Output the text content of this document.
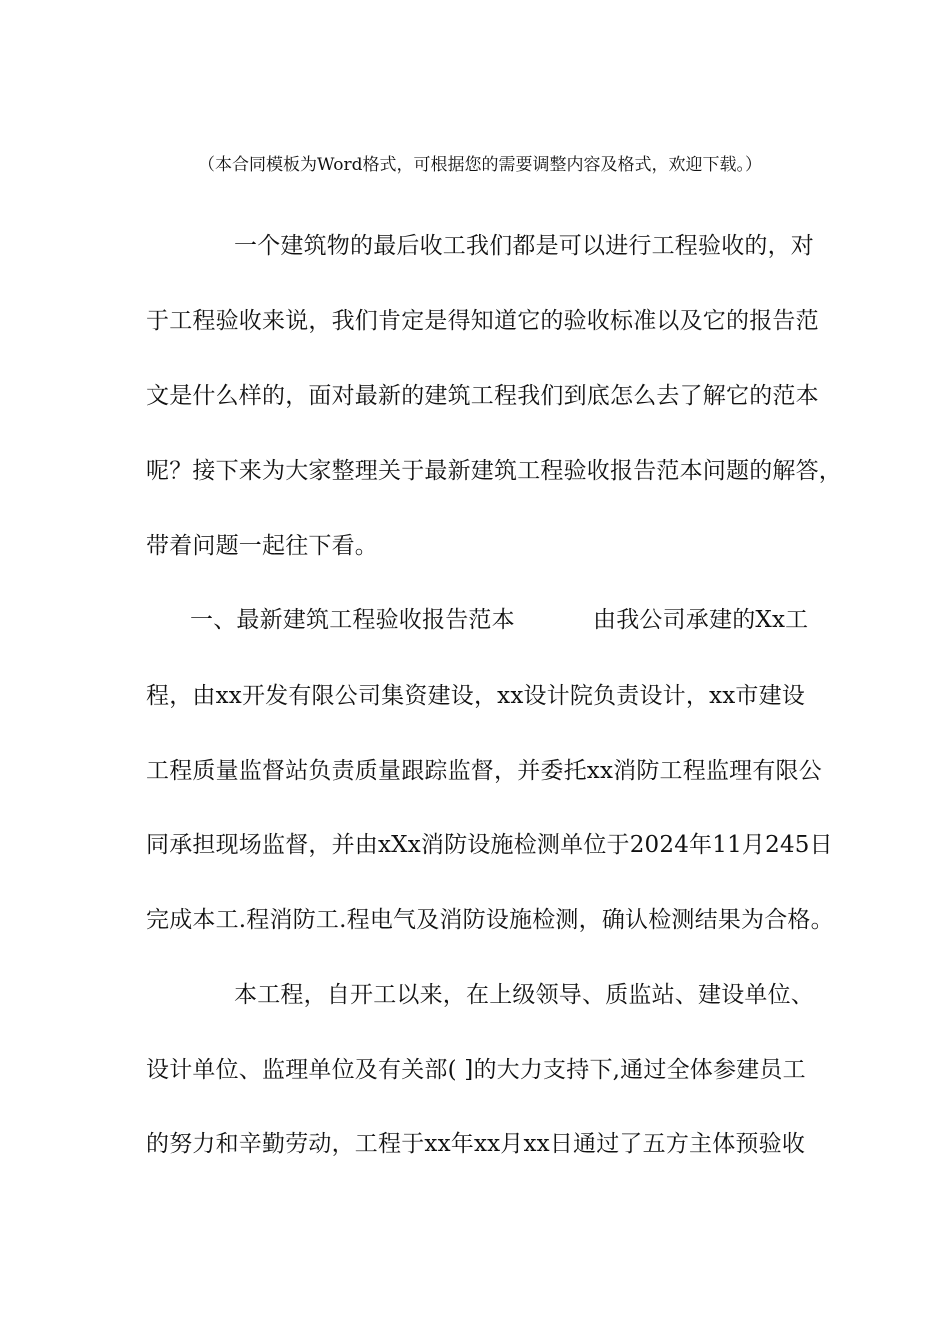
（本合同模板为Word格式，可根据您的需要调整内容及格式，欢迎下载。）
一个建筑物的最后收工我们都是可以进行工程验收的，对
于工程验收来说，我们肯定是得知道它的验收标准以及它的报告范
文是什么样的，面对最新的建筑工程我们到底怎么去了解它的范本
呢？接下来为大家整理关于最新建筑工程验收报告范本问题的解答，
带着问题一起往下看。
一、最新建筑工程验收报告范本	由我公司承建的Xx工
程，由xx开发有限公司集资建设，xx设计院负责设计，xx市建设
工程质量监督站负责质量跟踪监督，并委托xx消防工程监理有限公
同承担现场监督，并由xXx消防设施检测单位于2024年11月245日
完成本工.程消防工.程电气及消防设施检测，确认检测结果为合格。
本工程，自开工以来，在上级领导、质监站、建设单位、
设计单位、监理单位及有关部( ]的大力支持下,通过全体参建员工
的努力和辛勤劳动，工程于xx年xx月xx日通过了五方主体预验收
